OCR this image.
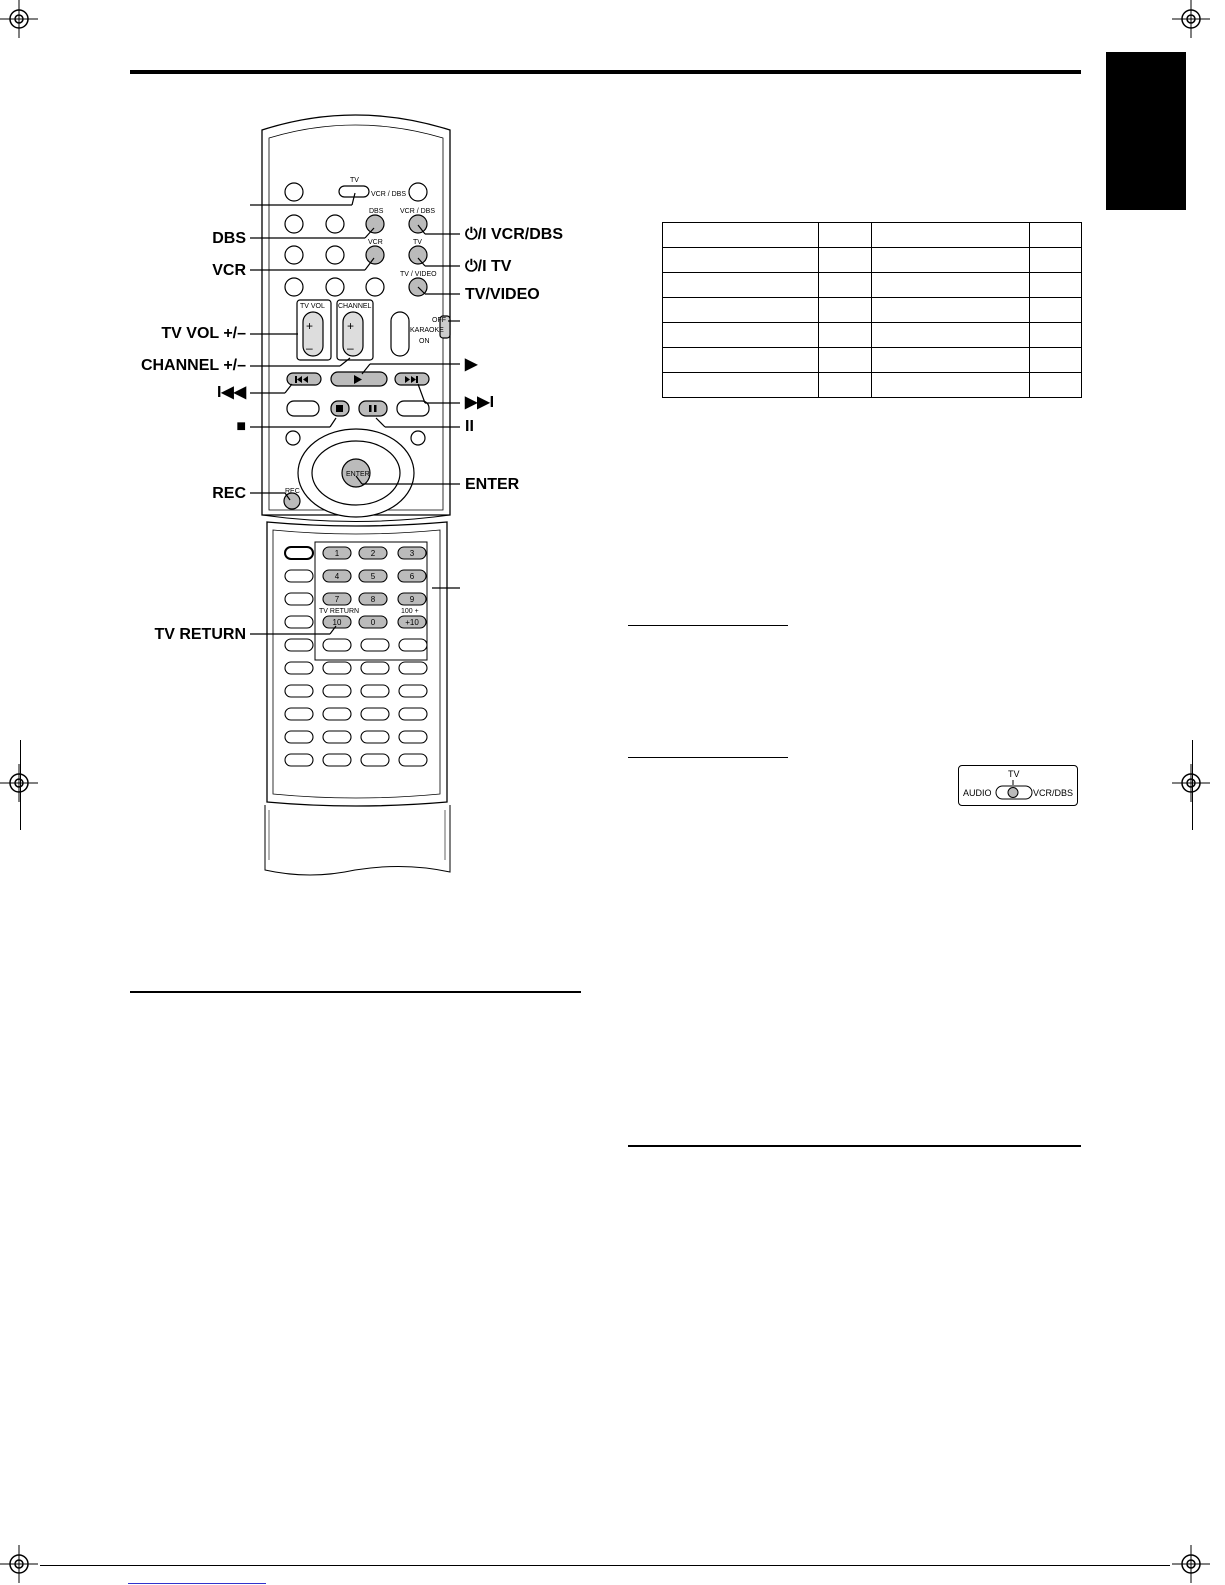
TV
VCR / DBS
DBS
VCR
VCR / DBS
TV
TV / VIDEO
TV VOL CHANNEL
OFF
KARAOKE
ON
ENTER
REC
TV RETURN	100 +
+
–
+
–
1	2	3
4	5	6
7	8	9
10	0	+10
DBS
VCR
TV VOL +/–
CHANNEL +/–
I◀◀
■
REC
TV RETURN
⏻/I VCR/DBS
⏻/I TV
TV/VIDEO
▶
▶▶I
II
ENTER

TV
AUDIO	VCR/DBS
